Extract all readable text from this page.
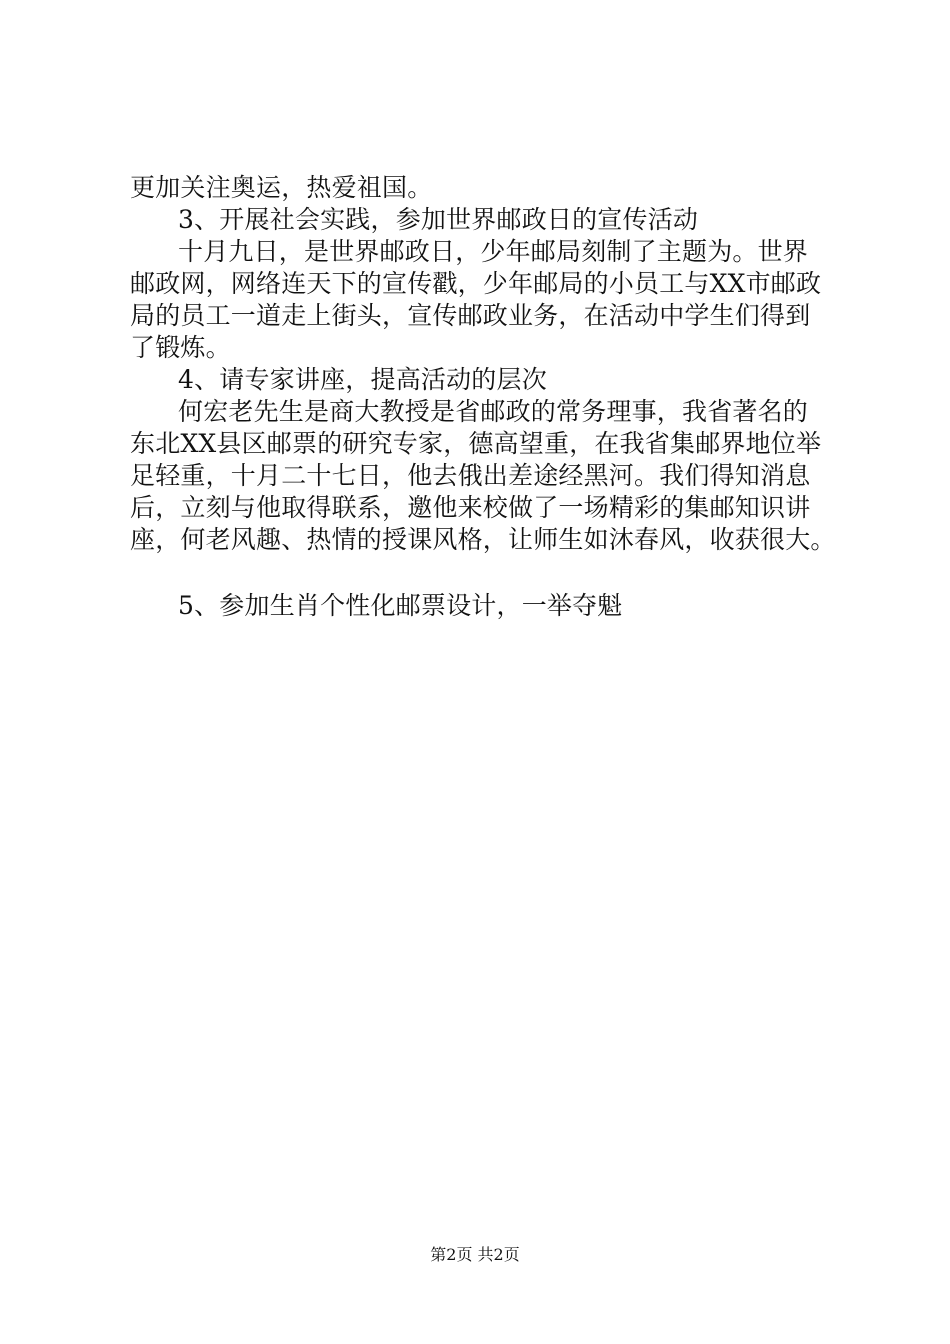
更加关注奥运，热爱祖国。
3、开展社会实践，参加世界邮政日的宣传活动
十月九日，是世界邮政日，少年邮局刻制了主题为。世界
邮政网，网络连天下的宣传戳，少年邮局的小员工与XX市邮政
局的员工一道走上街头，宣传邮政业务，在活动中学生们得到
了锻炼。
4、请专家讲座，提高活动的层次
何宏老先生是商大教授是省邮政的常务理事，我省著名的
东北XX县区邮票的研究专家，德高望重，在我省集邮界地位举
足轻重，十月二十七日，他去俄出差途经黑河。我们得知消息
后，立刻与他取得联系，邀他来校做了一场精彩的集邮知识讲
座，何老风趣、热情的授课风格，让师生如沐春风，收获很大。
5、参加生肖个性化邮票设计，一举夺魁
第2页 共2页
